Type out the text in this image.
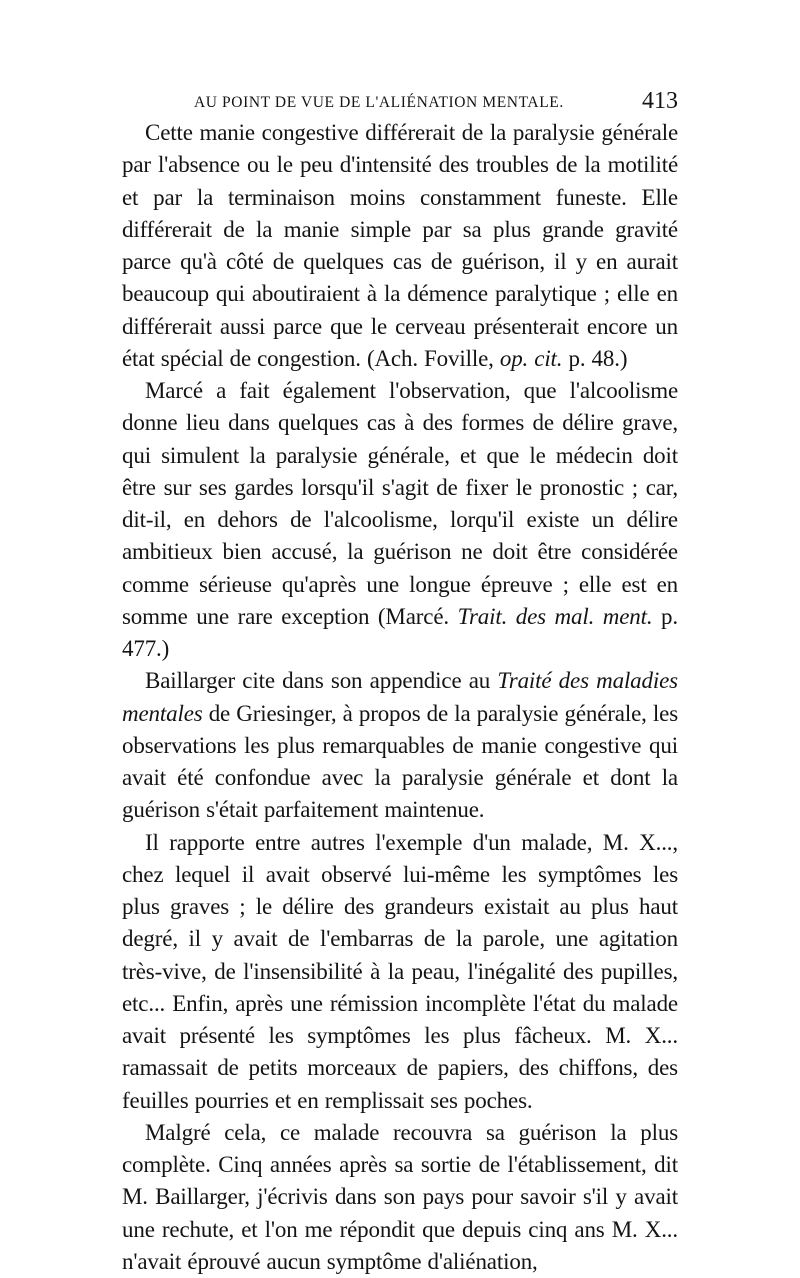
AU POINT DE VUE DE L'ALIÉNATION MENTALE.	413

Cette manie congestive différerait de la paralysie générale par l'absence ou le peu d'intensité des troubles de la motilité et par la terminaison moins constamment funeste. Elle différerait de la manie simple par sa plus grande gravité parce qu'à côté de quelques cas de guérison, il y en aurait beaucoup qui aboutiraient à la démence paralytique ; elle en différerait aussi parce que le cerveau présenterait encore un état spécial de congestion. (Ach. Foville, op. cit. p. 48.)

Marcé a fait également l'observation, que l'alcoolisme donne lieu dans quelques cas à des formes de délire grave, qui simulent la paralysie générale, et que le médecin doit être sur ses gardes lorsqu'il s'agit de fixer le pronostic ; car, dit-il, en dehors de l'alcoolisme, lorqu'il existe un délire ambitieux bien accusé, la guérison ne doit être considérée comme sérieuse qu'après une longue épreuve ; elle est en somme une rare exception (Marcé. Trait. des mal. ment. p. 477.)

Baillarger cite dans son appendice au Traité des maladies mentales de Griesinger, à propos de la paralysie générale, les observations les plus remarquables de manie congestive qui avait été confondue avec la paralysie générale et dont la guérison s'était parfaitement maintenue.

Il rapporte entre autres l'exemple d'un malade, M. X..., chez lequel il avait observé lui-même les symptômes les plus graves ; le délire des grandeurs existait au plus haut degré, il y avait de l'embarras de la parole, une agitation très-vive, de l'insensibilité à la peau, l'inégalité des pupilles, etc... Enfin, après une rémission incomplète l'état du malade avait présenté les symptômes les plus fâcheux. M. X... ramassait de petits morceaux de papiers, des chiffons, des feuilles pourries et en remplissait ses poches.

Malgré cela, ce malade recouvra sa guérison la plus complète. Cinq années après sa sortie de l'établissement, dit M. Baillarger, j'écrivis dans son pays pour savoir s'il y avait une rechute, et l'on me répondit que depuis cinq ans M. X... n'avait éprouvé aucun symptôme d'aliénation,
